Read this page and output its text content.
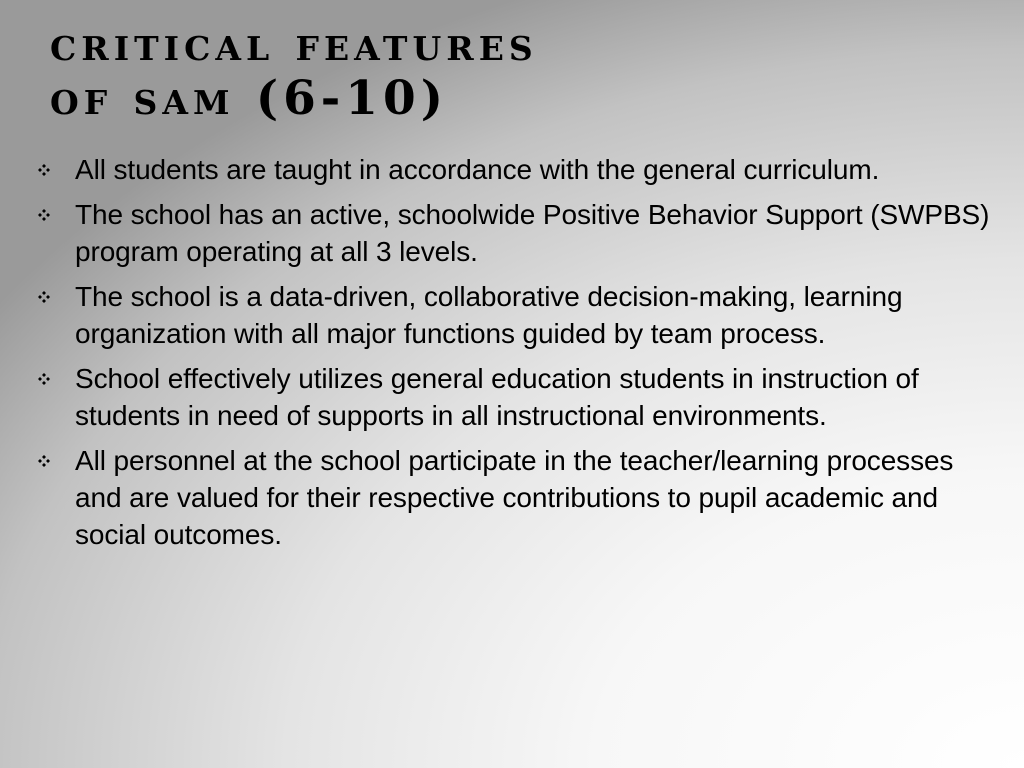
critical features
of sam (6-10)
All students are taught in accordance with the general curriculum.
The school has an active, schoolwide Positive Behavior Support (SWPBS) program operating at all 3 levels.
The school is a data-driven, collaborative decision-making, learning organization with all major functions guided by team process.
School effectively utilizes general education students in instruction of students in need of supports in all instructional environments.
All personnel at the school participate in the teacher/learning processes and are valued for their respective contributions to pupil academic and social outcomes.
